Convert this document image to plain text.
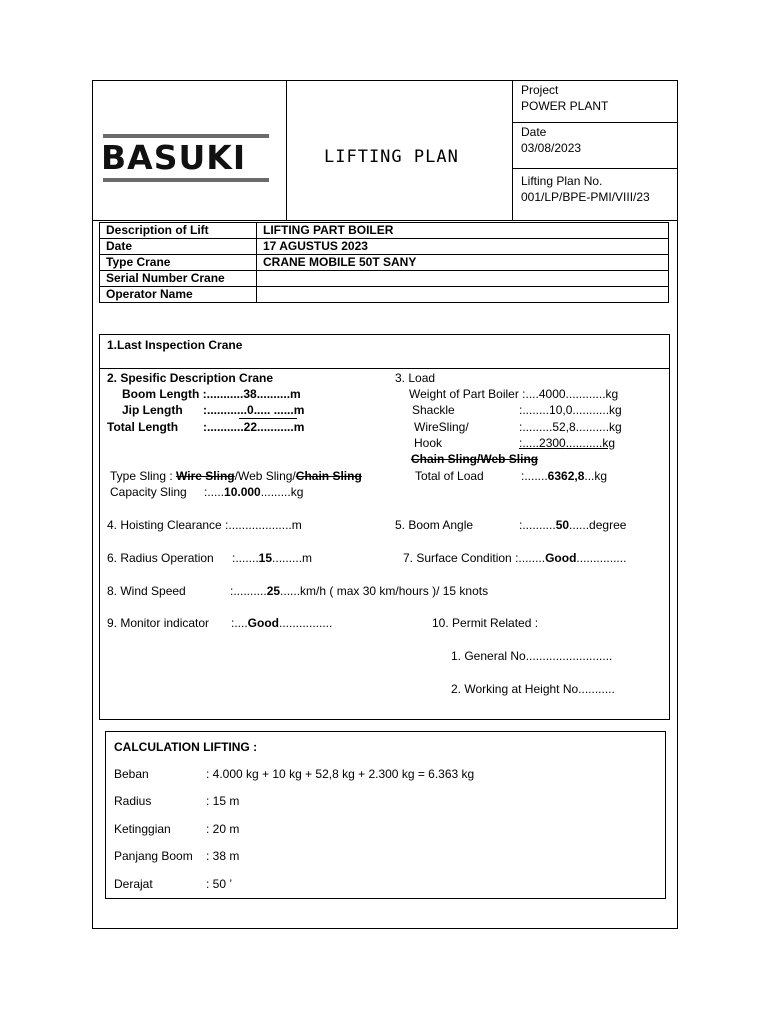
BASUKI	LIFTING PLAN
Project
POWER PLANT
Date
03/08/2023
Lifting Plan No.
001/LP/BPE-PMI/VIII/23
Description of Lift	LIFTING PART BOILER
Date	17 AGUSTUS 2023
Type Crane	CRANE MOBILE 50T SANY
Serial Number Crane	
Operator Name	
1.Last Inspection Crane
2. Spesific Description Crane
Boom Length :...........38..........m
Jip Length :............0..... ......m
Total Length :...........22...........m
Type Sling : Wire Sling/Web Sling/Chain Sling
Capacity Sling :.....10.000.........kg
3. Load
Weight of Part Boiler :....4000............kg
Shackle	:........10,0...........kg
WireSling/	:.........52,8..........kg
Hook	:.....2300...........kg
Chain Sling/Web Sling
Total of Load	:.......6362,8...kg
4. Hoisting Clearance :...................m	5. Boom Angle	:..........50......degree
6. Radius Operation :.......15.........m	7. Surface Condition :........Good...............
8. Wind Speed	:..........25......km/h ( max 30 km/hours )/ 15 knots
9. Monitor indicator :....Good................	10. Permit Related :
1. General No..........................
2. Working at Height No...........
CALCULATION LIFTING :
Beban	: 4.000 kg + 10 kg + 52,8 kg + 2.300 kg = 6.363 kg
Radius	: 15 m
Ketinggian	: 20 m
Panjang Boom : 38 m
Derajat	: 50 ’
